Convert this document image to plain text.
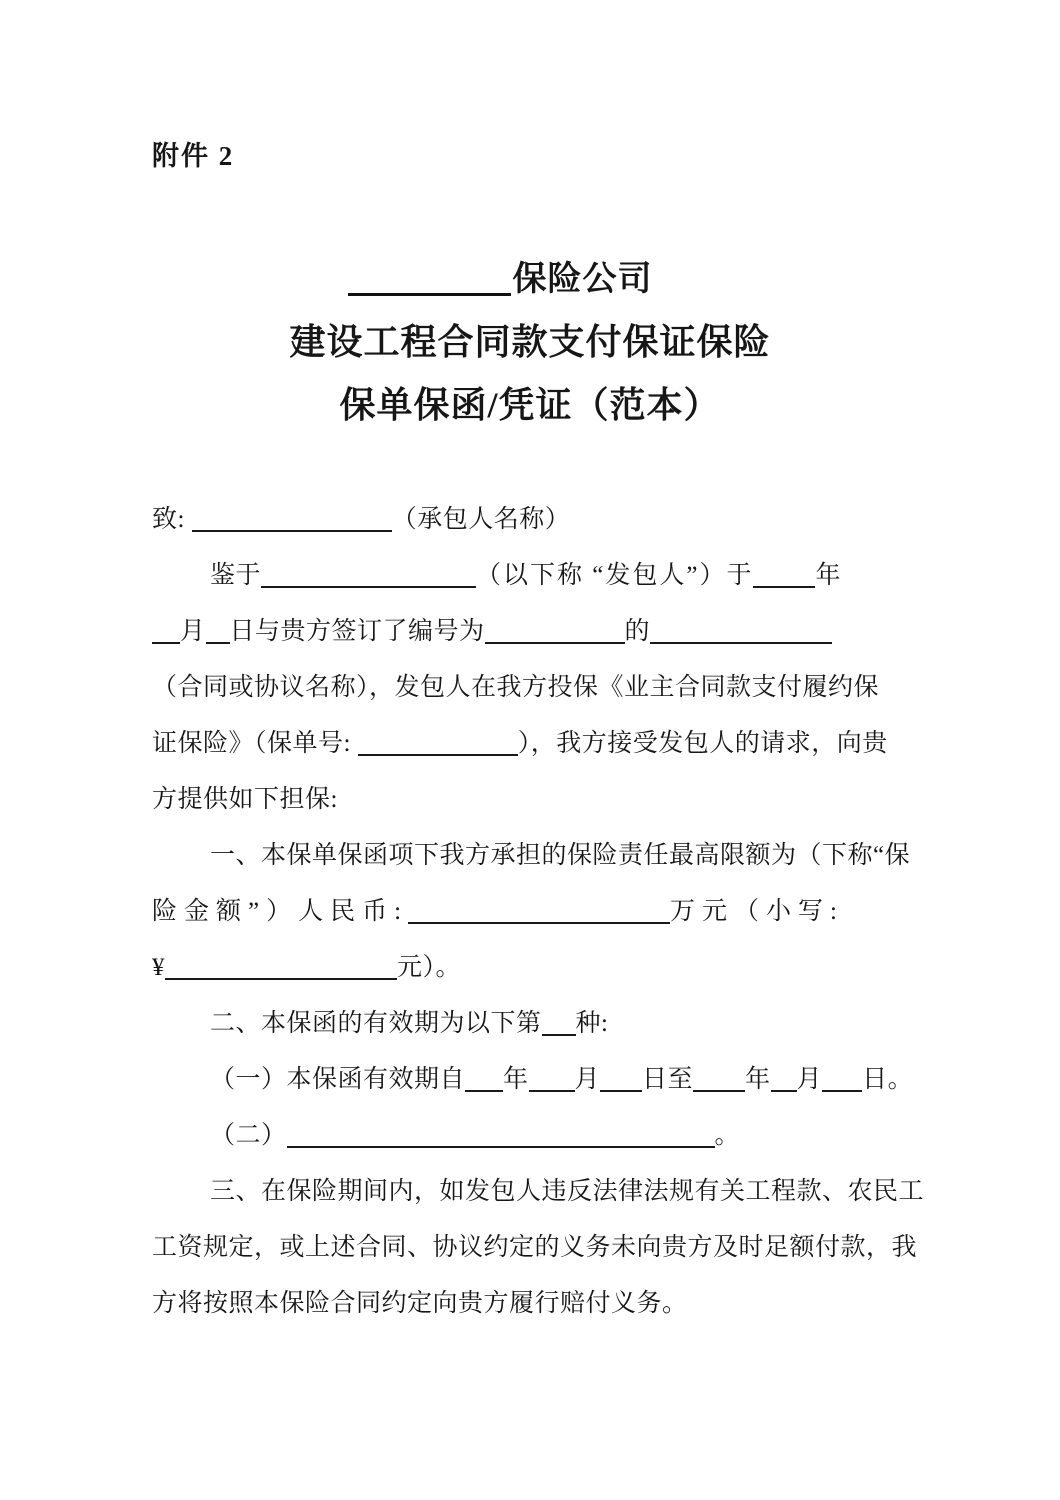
附件 2
保险公司
建设工程合同款支付保证保险
保单保函/凭证（范本）
致:	（承包人名称）
鉴于	（以下称 “发包人”）于 年
月 日与贵方签订了编号为	的
（合同或协议名称），发包人在我方投保《业主合同款支付履约保
证保险》（保单号:	），我方接受发包人的请求，向贵
方提供如下担保:
一、本保单保函项下我方承担的保险责任最高限额为（下称“保
险金额”）人民币:	万元（小写:
¥	元）。
二、本保函的有效期为以下第 种:
（一）本保函有效期自 年 月 日至 年 月 日。
（二）	。
三、在保险期间内，如发包人违反法律法规有关工程款、农民工
工资规定，或上述合同、协议约定的义务未向贵方及时足额付款，我
方将按照本保险合同约定向贵方履行赔付义务。
